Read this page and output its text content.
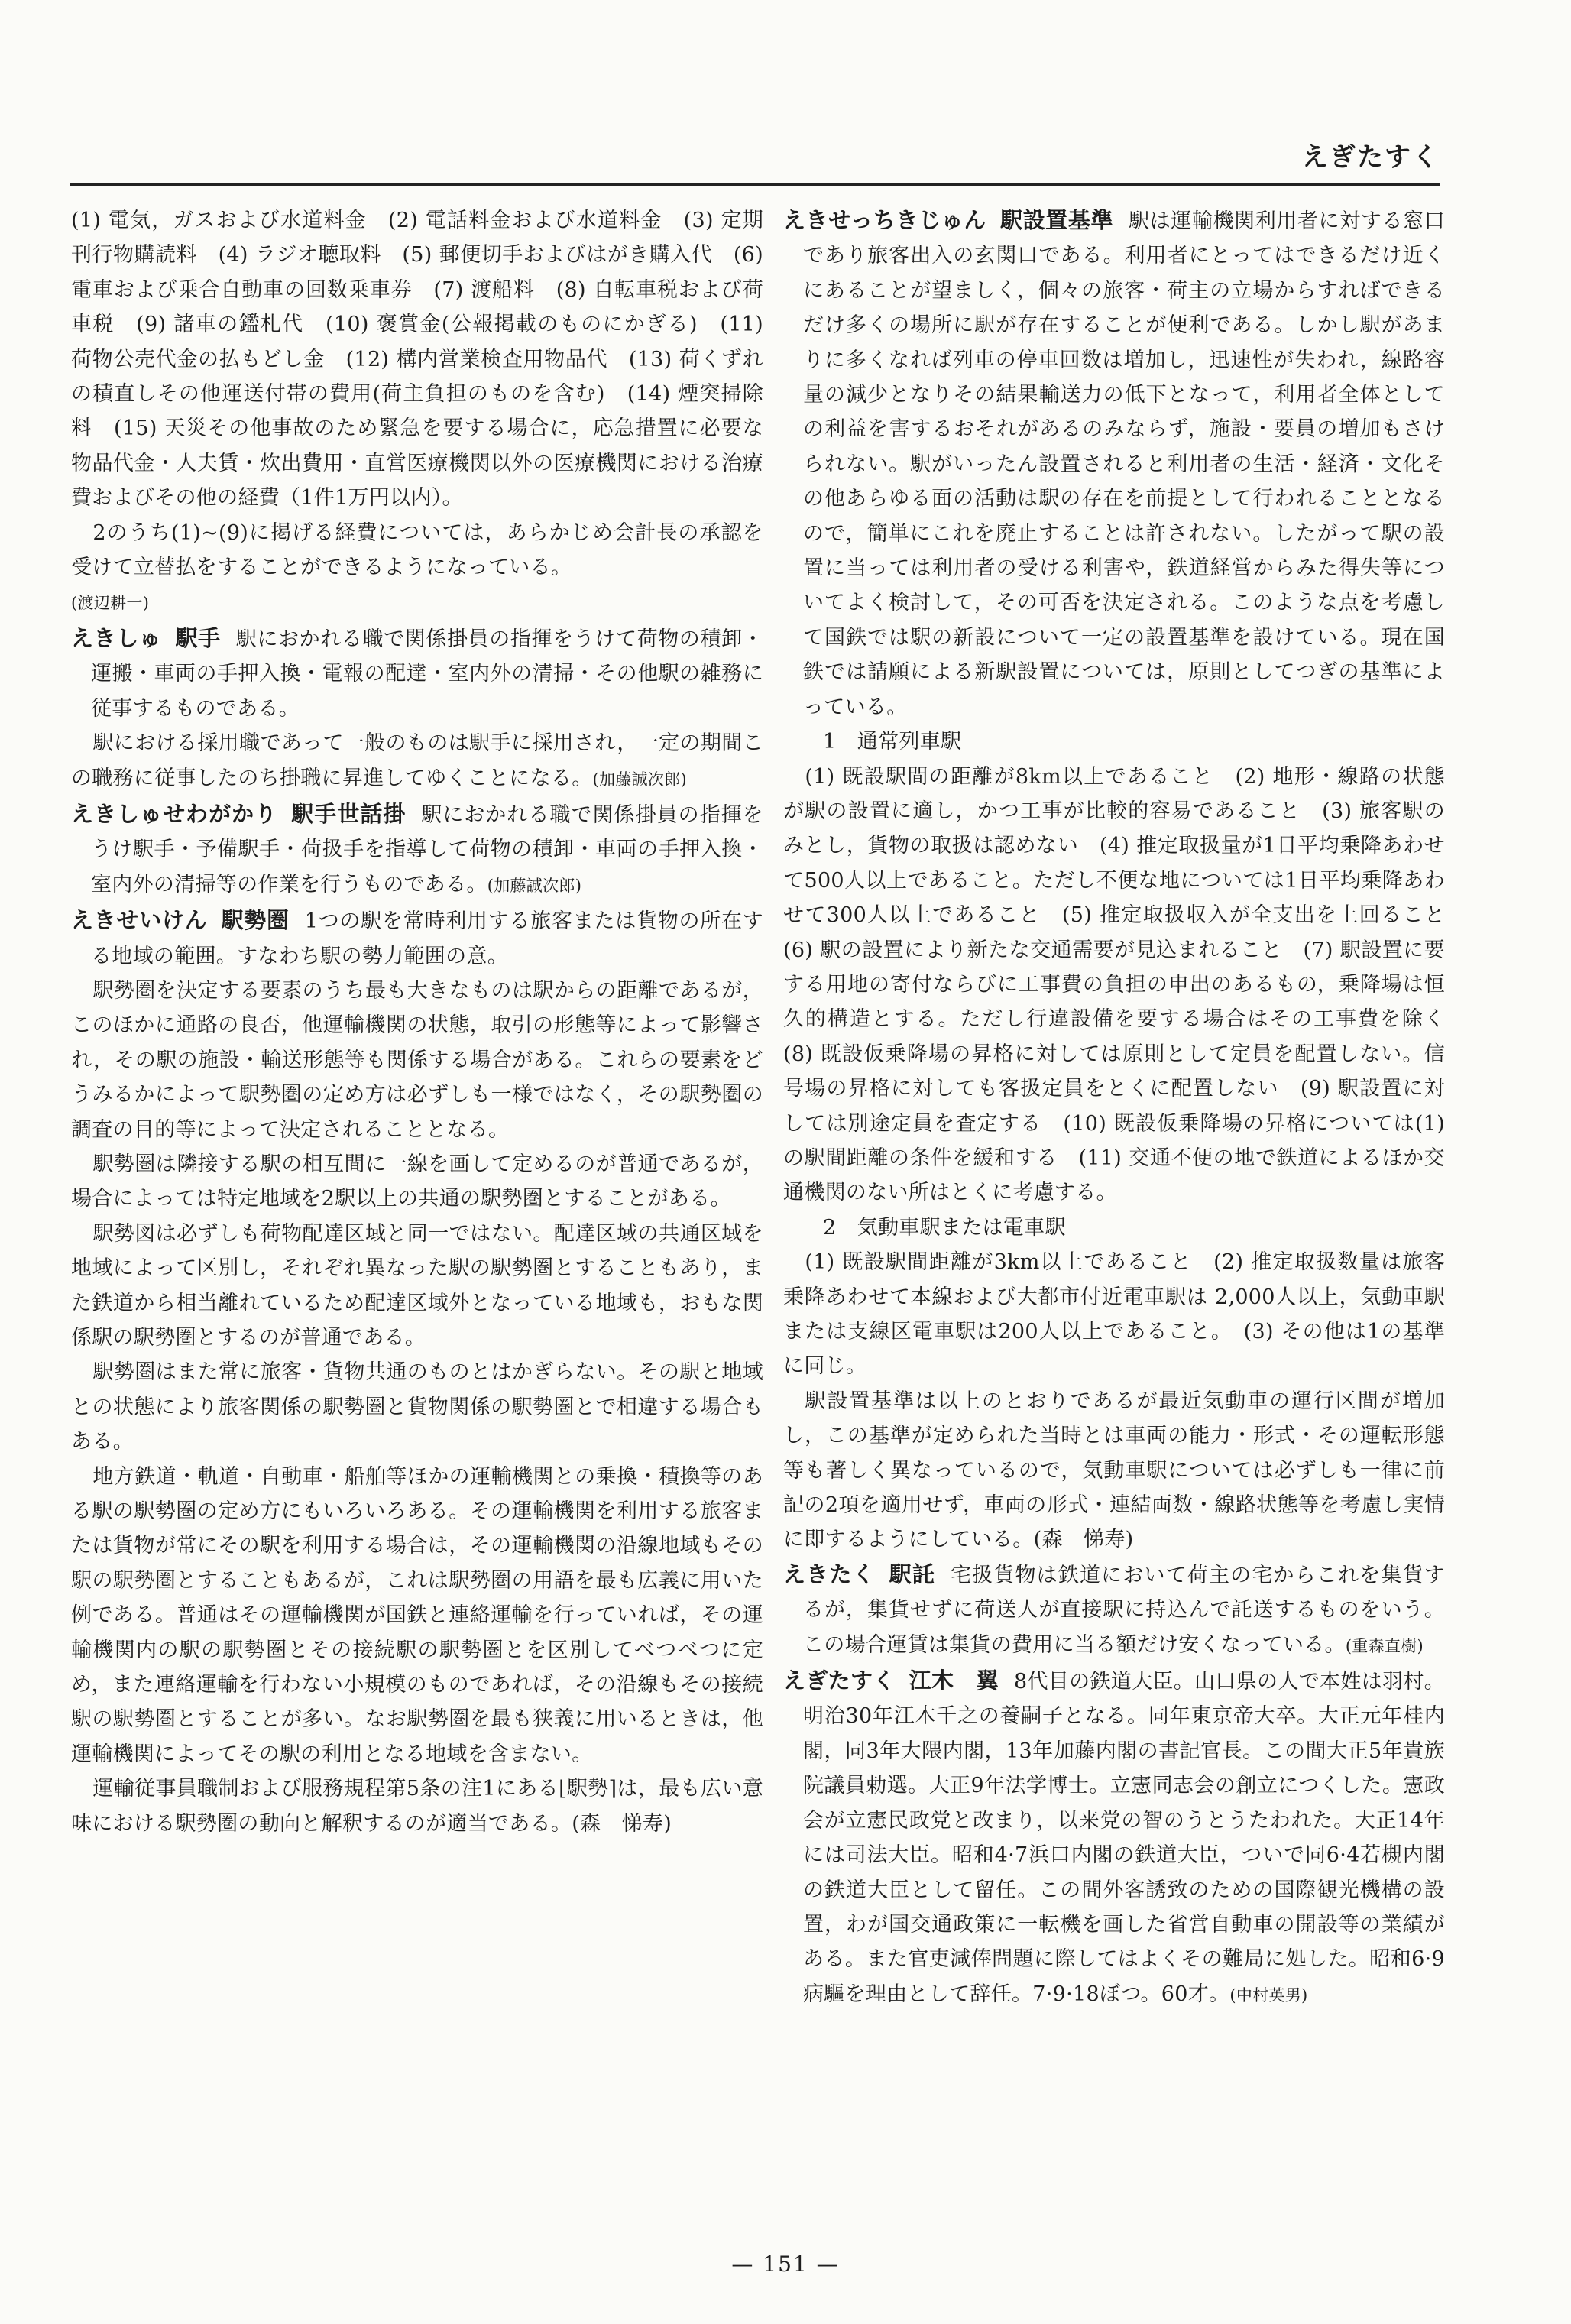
えぎたすく

(1) 電気，ガスおよび水道料金　(2) 電話料金および水道料金　(3) 定期刊行物購読料　(4) ラジオ聴取料　(5) 郵便切手およびはがき購入代　(6) 電車および乗合自動車の回数乗車券　(7) 渡船料　(8) 自転車税および荷車税　(9) 諸車の鑑札代　(10) 褒賞金(公報掲載のものにかぎる)　(11) 荷物公売代金の払もどし金　(12) 構内営業検査用物品代　(13) 荷くずれの積直しその他運送付帯の費用(荷主負担のものを含む)　(14) 煙突掃除料　(15) 天災その他事故のため緊急を要する場合に，応急措置に必要な物品代金・人夫賃・炊出費用・直営医療機関以外の医療機関における治療費およびその他の経費（1件1万円以内）。

2のうち(1)~(9)に掲げる経費については，あらかじめ会計長の承認を受けて立替払をすることができるようになっている。
(渡辺耕一)

えきしゅ 駅手 駅におかれる職で関係掛員の指揮をうけて荷物の積卸・運搬・車両の手押入換・電報の配達・室内外の清掃・その他駅の雑務に従事するものである。

駅における採用職であって一般のものは駅手に採用され，一定の期間この職務に従事したのち掛職に昇進してゆくことになる。(加藤誠次郎)

えきしゅせわがかり 駅手世話掛 駅におかれる職で関係掛員の指揮をうけ駅手・予備駅手・荷扱手を指導して荷物の積卸・車両の手押入換・室内外の清掃等の作業を行うものである。(加藤誠次郎)

えきせいけん 駅勢圏 1つの駅を常時利用する旅客または貨物の所在する地域の範囲。すなわち駅の勢力範囲の意。

駅勢圏を決定する要素のうち最も大きなものは駅からの距離であるが，このほかに通路の良否，他運輸機関の状態，取引の形態等によって影響され，その駅の施設・輸送形態等も関係する場合がある。これらの要素をどうみるかによって駅勢圏の定め方は必ずしも一様ではなく，その駅勢圏の調査の目的等によって決定されることとなる。

駅勢圏は隣接する駅の相互間に一線を画して定めるのが普通であるが，場合によっては特定地域を2駅以上の共通の駅勢圏とすることがある。

駅勢図は必ずしも荷物配達区域と同一ではない。配達区域の共通区域を地域によって区別し，それぞれ異なった駅の駅勢圏とすることもあり，また鉄道から相当離れているため配達区域外となっている地域も，おもな関係駅の駅勢圏とするのが普通である。

駅勢圏はまた常に旅客・貨物共通のものとはかぎらない。その駅と地域との状態により旅客関係の駅勢圏と貨物関係の駅勢圏とで相違する場合もある。

地方鉄道・軌道・自動車・船舶等ほかの運輸機関との乗換・積換等のある駅の駅勢圏の定め方にもいろいろある。その運輸機関を利用する旅客または貨物が常にその駅を利用する場合は，その運輸機関の沿線地域もその駅の駅勢圏とすることもあるが，これは駅勢圏の用語を最も広義に用いた例である。普通はその運輸機関が国鉄と連絡運輸を行っていれば，その運輸機関内の駅の駅勢圏とその接続駅の駅勢圏とを区別してべつべつに定め，また連絡運輸を行わない小規模のものであれば，その沿線もその接続駅の駅勢圏とすることが多い。なお駅勢圏を最も狭義に用いるときは，他運輸機関によってその駅の利用となる地域を含まない。

運輸従事員職制および服務規程第5条の注1にある⌊駅勢⌉は，最も広い意味における駅勢圏の動向と解釈するのが適当である。(森　悌寿)

えきせっちきじゅん 駅設置基準 駅は運輸機関利用者に対する窓口であり旅客出入の玄関口である。利用者にとってはできるだけ近くにあることが望ましく，個々の旅客・荷主の立場からすればできるだけ多くの場所に駅が存在することが便利である。しかし駅があまりに多くなれば列車の停車回数は増加し，迅速性が失われ，線路容量の減少となりその結果輸送力の低下となって，利用者全体としての利益を害するおそれがあるのみならず，施設・要員の増加もさけられない。駅がいったん設置されると利用者の生活・経済・文化その他あらゆる面の活動は駅の存在を前提として行われることとなるので，簡単にこれを廃止することは許されない。したがって駅の設置に当っては利用者の受ける利害や，鉄道経営からみた得失等についてよく検討して，その可否を決定される。このような点を考慮して国鉄では駅の新設について一定の設置基準を設けている。現在国鉄では請願による新駅設置については，原則としてつぎの基準によっている。

1　通常列車駅

(1) 既設駅間の距離が8km以上であること　(2) 地形・線路の状態が駅の設置に適し，かつ工事が比較的容易であること　(3) 旅客駅のみとし，貨物の取扱は認めない　(4) 推定取扱量が1日平均乗降あわせて500人以上であること。ただし不便な地については1日平均乗降あわせて300人以上であること　(5) 推定取扱収入が全支出を上回ること　(6) 駅の設置により新たな交通需要が見込まれること　(7) 駅設置に要する用地の寄付ならびに工事費の負担の申出のあるもの，乗降場は恒久的構造とする。ただし行違設備を要する場合はその工事費を除く　(8) 既設仮乗降場の昇格に対しては原則として定員を配置しない。信号場の昇格に対しても客扱定員をとくに配置しない　(9) 駅設置に対しては別途定員を査定する　(10) 既設仮乗降場の昇格については(1)の駅間距離の条件を緩和する　(11) 交通不便の地で鉄道によるほか交通機関のない所はとくに考慮する。

2　気動車駅または電車駅

(1) 既設駅間距離が3km以上であること　(2) 推定取扱数量は旅客乗降あわせて本線および大都市付近電車駅は 2,000人以上，気動車駅または支線区電車駅は200人以上であること。　(3) その他は1の基準に同じ。

駅設置基準は以上のとおりであるが最近気動車の運行区間が増加し，この基準が定められた当時とは車両の能力・形式・その運転形態等も著しく異なっているので，気動車駅については必ずしも一律に前記の2項を適用せず，車両の形式・連結両数・線路状態等を考慮し実情に即するようにしている。(森　悌寿)

えきたく 駅託 宅扱貨物は鉄道において荷主の宅からこれを集貨するが，集貨せずに荷送人が直接駅に持込んで託送するものをいう。この場合運賃は集貨の費用に当る額だけ安くなっている。(重森直樹)

えぎたすく 江木　翼 8代目の鉄道大臣。山口県の人で本姓は羽村。明治30年江木千之の養嗣子となる。同年東京帝大卒。大正元年桂内閣，同3年大隈内閣，13年加藤内閣の書記官長。この間大正5年貴族院議員勅選。大正9年法学博士。立憲同志会の創立につくした。憲政会が立憲民政党と改まり，以来党の智のうとうたわれた。大正14年には司法大臣。昭和4·7浜口内閣の鉄道大臣，ついで同6·4若槻内閣の鉄道大臣として留任。この間外客誘致のための国際観光機構の設置，わが国交通政策に一転機を画した省営自動車の開設等の業績がある。また官吏減俸問題に際してはよくその難局に処した。昭和6·9病驅を理由として辞任。7·9·18ぼつ。60才。(中村英男)

— 151 —
